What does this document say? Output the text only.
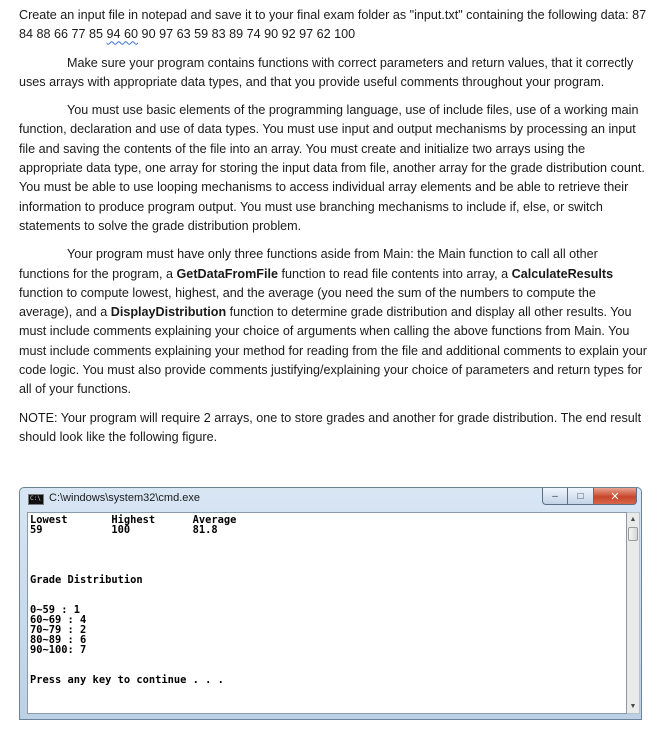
Create an input file in notepad and save it to your final exam folder as "input.txt" containing the following data: 87 84 88 66 77 85 94 60 90 97 63 59 83 89 74 90 92 97 62 100

Make sure your program contains functions with correct parameters and return values, that it correctly uses arrays with appropriate data types, and that you provide useful comments throughout your program.

You must use basic elements of the programming language, use of include files, use of a working main function, declaration and use of data types. You must use input and output mechanisms by processing an input file and saving the contents of the file into an array. You must create and initialize two arrays using the appropriate data type, one array for storing the input data from file, another array for the grade distribution count. You must be able to use looping mechanisms to access individual array elements and be able to retrieve their information to produce program output. You must use branching mechanisms to include if, else, or switch statements to solve the grade distribution problem.

Your program must have only three functions aside from Main: the Main function to call all other functions for the program, a GetDataFromFile function to read file contents into array, a CalculateResults function to compute lowest, highest, and the average (you need the sum of the numbers to compute the average), and a DisplayDistribution function to determine grade distribution and display all other results. You must include comments explaining your choice of arguments when calling the above functions from Main. You must include comments explaining your method for reading from the file and additional comments to explain your code logic. You must also provide comments justifying/explaining your choice of parameters and return types for all of your functions.

NOTE: Your program will require 2 arrays, one to store grades and another for grade distribution. The end result should look like the following figure.

C:\ C:\windows\system32\cmd.exe	–	□	✕
Lowest       Highest      Average
59           100          81.8

Grade Distribution

0~59 : 1
60~69 : 4
70~79 : 2
80~89 : 6
90~100: 7

Press any key to continue . . .

▲
▼
